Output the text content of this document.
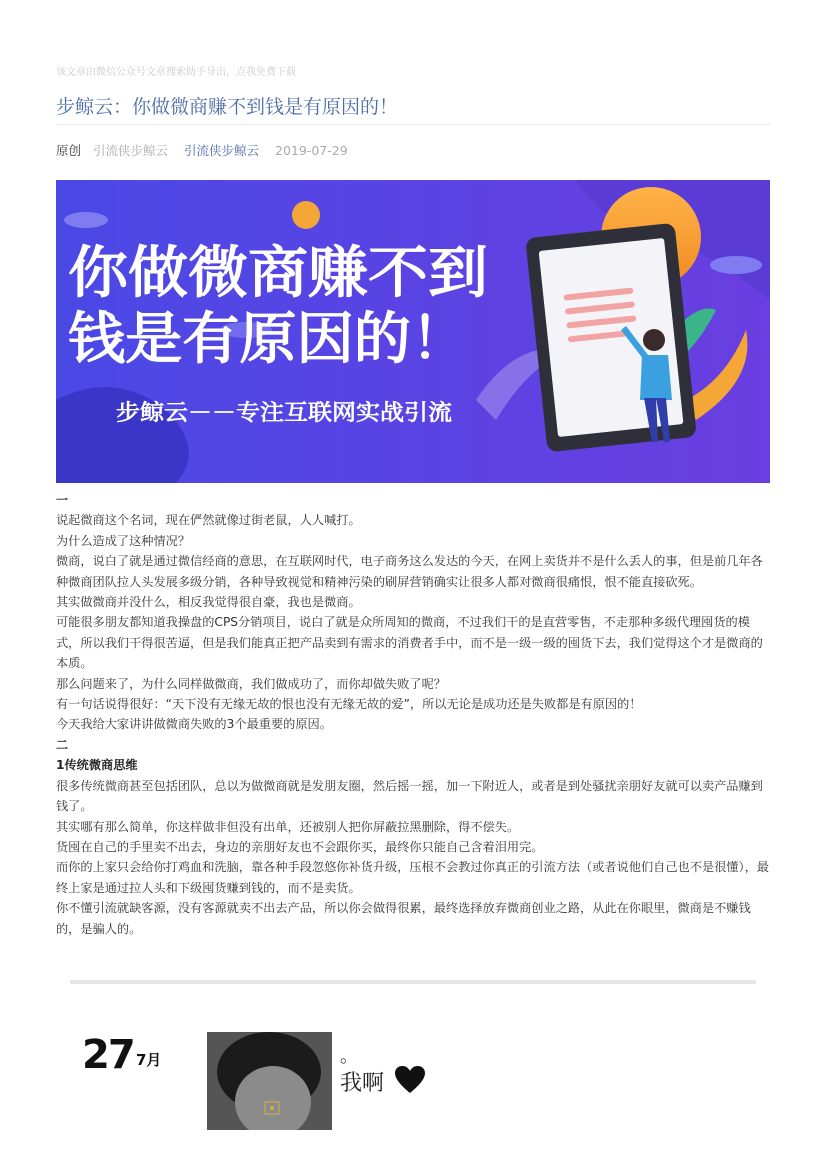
该文章由微信公众号文章搜索助手导出，点我免费下载
步鲸云：你做微商赚不到钱是有原因的！
原创 引流侠步鲸云 引流侠步鲸云 2019-07-29
你做微商赚不到
钱是有原因的！
步鲸云－－专注互联网实战引流

一

说起微商这个名词，现在俨然就像过街老鼠，人人喊打。

为什么造成了这种情况？

微商，说白了就是通过微信经商的意思，在互联网时代，电子商务这么发达的今天，在网上卖货并不是什么丢人的事，但是前几年各种微商团队拉人头发展多级分销，各种导致视觉和精神污染的刷屏营销确实让很多人都对微商很痛恨，恨不能直接砍死。

其实做微商并没什么，相反我觉得很自豪，我也是微商。

可能很多朋友都知道我操盘的CPS分销项目，说白了就是众所周知的微商，不过我们干的是直营零售，不走那种多级代理囤货的模式，所以我们干得很苦逼，但是我们能真正把产品卖到有需求的消费者手中，而不是一级一级的囤货下去，我们觉得这个才是微商的本质。

那么问题来了，为什么同样做微商，我们做成功了，而你却做失败了呢？

有一句话说得很好：“天下没有无缘无故的恨也没有无缘无故的爱”，所以无论是成功还是失败都是有原因的！

今天我给大家讲讲做微商失败的3个最重要的原因。

二

1传统微商思维

很多传统微商甚至包括团队，总以为做微商就是发朋友圈，然后摇一摇，加一下附近人，或者是到处骚扰亲朋好友就可以卖产品赚到钱了。

其实哪有那么简单，你这样做非但没有出单，还被别人把你屏蔽拉黑删除，得不偿失。

货囤在自己的手里卖不出去，身边的亲朋好友也不会跟你买，最终你只能自己含着泪用完。

而你的上家只会给你打鸡血和洗脑，靠各种手段忽悠你补货升级，压根不会教过你真正的引流方法（或者说他们自己也不是很懂），最终上家是通过拉人头和下级囤货赚到钱的，而不是卖货。

你不懂引流就缺客源，没有客源就卖不出去产品，所以你会做得很累，最终选择放弃微商创业之路，从此在你眼里，微商是不赚钱的，是骗人的。

27 7月	。
我啊
